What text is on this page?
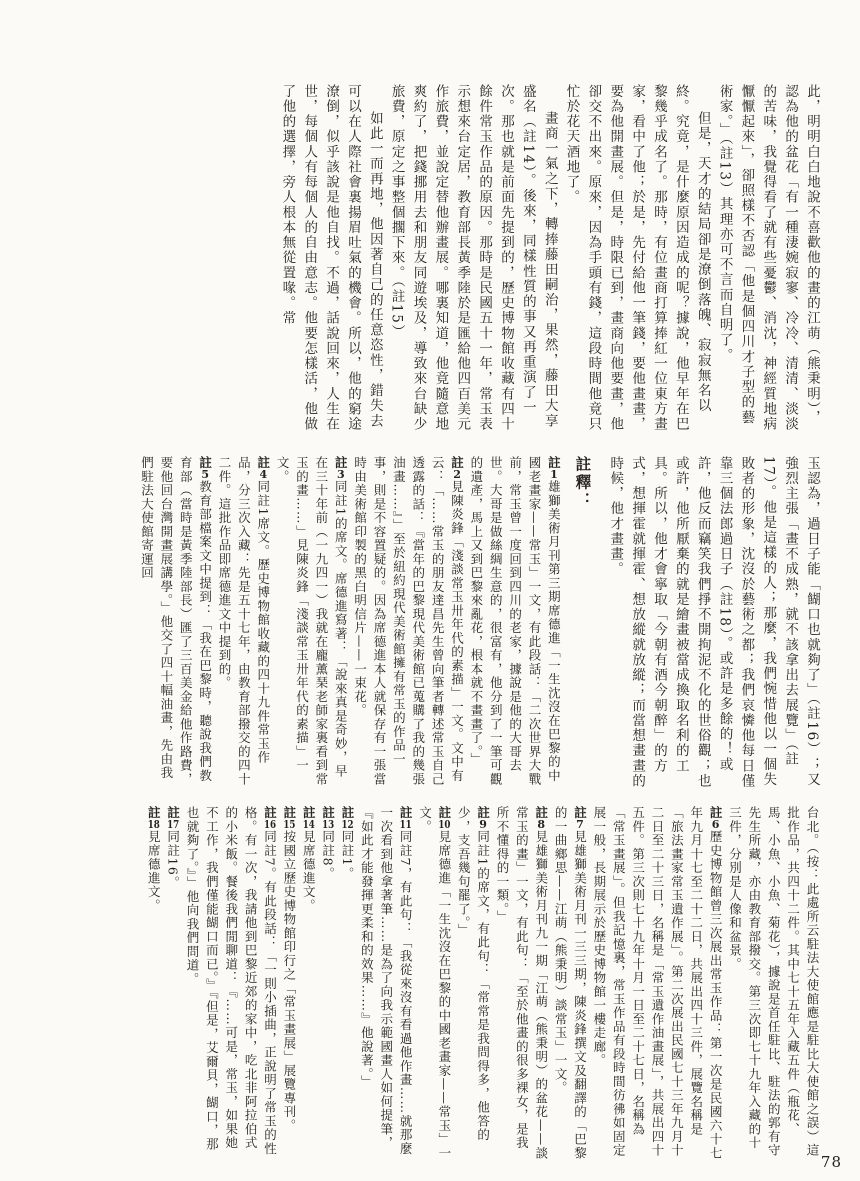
此，明明白白地說不喜歡他的畫的江萌（熊秉明），認為他的盆花「有一種淒婉寂寥、冷冷、清清、淡淡的苦味，我覺得看了就有些憂鬱、消沈，神經質地病懨懨起來」，卻照樣不否認「他是個四川才子型的藝術家。」（註13）其理亦可不言而自明了。

但是，天才的結局卻是潦倒落魄、寂寂無名以終。究竟，是什麼原因造成的呢？據說，他早年在巴黎幾乎成名了。那時，有位畫商打算捧紅一位東方畫家，看中了他；於是，先付給他一筆錢，要他畫畫，要為他開畫展。但是，時限已到，畫商向他要畫，他卻交不出來。原來，因為手頭有錢，這段時間他竟只忙於花天酒地了。

畫商一氣之下，轉捧藤田嗣治，果然，藤田大享盛名（註14）。後來，同樣性質的事又再重演了一次。那也就是前面先提到的，歷史博物館收藏有四十餘件常玉作品的原因。那時是民國五十一年，常玉表示想來台定居，教育部長黃季陸於是匯給他四百美元作旅費，並說定替他辦畫展。哪裏知道，他竟隨意地爽約了，把錢挪用去和朋友同遊埃及，導致來台缺少旅費，原定之事整個擱下來。（註15）

如此一而再地，他因著自己的任意恣性，錯失去可以在人際社會裏揚眉吐氣的機會。所以，他的窮途潦倒，似乎該說是他自找。不過，話說回來，人生在世，每個人有每個人的自由意志。他要怎樣活，他做了他的選擇，旁人根本無從置喙。常

玉認為，過日子能「餬口也就夠了」（註16）；又強烈主張「畫不成熟，就不該拿出去展覽」（註17）。他是這樣的人；那麼，我們惋惜他以一個失敗者的形象，沈沒於藝術之都；我們哀憐他每日僅靠三個法郎過日子（註18）。或許是多餘的！或許，他反而竊笑我們掙不開拘泥不化的世俗觀；也或許，他所厭棄的就是繪畫被當成換取名利的工具。所以，他才會寧取「今朝有酒今朝醉」的方式，想揮霍就揮霍、想放縱就放縱；而當想畫畫的時候，他才畫畫。

註釋：

註1雄獅美術月刊第三期席德進「一生沈沒在巴黎的中國老畫家——常玉」一文，有此段話：「二次世界大戰前，常玉曾一度回到四川的老家，據說是他的大哥去世。大哥是做絲綢生意的，很富有，他分到了一筆可觀的遺產，馬上又到巴黎來亂花，根本就不畫畫了。」

註2見陳炎鋒「淺談常玉卅年代的素描」一文。文中有云：「……常玉的朋友達昌先生曾向筆者轉述常玉自己透露的話：『當年的巴黎現代美術館已蒐購了我的幾張油畫……』」至於紐約現代美術館擁有常玉的作品一事，則是不容置疑的。因為席德進本人就保存有一張當時由美術館印製的黑白明信片——一束花。

註3同註1的席文。席德進寫著：「說來真是奇妙，早在三十年前（一九四一）我就在龐薰琹老師家裏看到常玉的畫……」見陳炎鋒「淺談常玉卅年代的素描」一文。

註4同註1席文。歷史博物館收藏的四十九件常玉作品，分三次入藏：先是五十七年，由教育部撥交的四十二件。這批作品即席德進文中提到的。

註5教育部檔案文中提到：「我在巴黎時，聽說我們教育部（當時是黃季陸部長）匯了三百美金給他作路費，要他回台灣開畫展講學。」他交了四十幅油畫，先由我們駐法大使館寄運回

台北。（按：此處所云駐法大使館應是駐比大使館之誤）這批作品，共四十二件。其中七十五年入藏五件（瓶花、馬、小魚、小魚、菊花），據說是首任駐比、駐法的郭有守先生所藏，亦由教育部撥交。第三次即七十九年入藏的十三件，分別是人像和盆景。

註6歷史博物館曾三次展出常玉作品：第一次是民國六十七年九月十七至二十二日，共展出四十三件，展覽名稱是「旅法畫家常玉遺作展」。第二次展出民國七十三年九月十二日至二十三日，名稱是「常玉遺作油畫展」，共展出四十五件。第三次則七十九年十月一日至二十七日，名稱為「常玉畫展」。但我記憶裏，常玉作品有段時間彷彿如固定展一般，長期展示於歷史博物館一樓走廊。

註7見雄獅美術月刊一三三期，陳炎鋒撰文及翻譯的「巴黎的一曲鄉思——江萌（熊秉明）談常玉」一文。

註8見雄獅美術月刊九一期「江萌（熊秉明）的盆花——談常玉的畫」一文，有此句：「至於他畫的很多裸女，是我所不懂得的一類。」

註9同註1的席文，有此句：「常常是我問得多，他答的少，支吾幾句罷了。」

註10見席德進「一生沈沒在巴黎的中國老畫家——常玉」一文。

註11同註7，有此句：「我從來沒有看過他作畫……就那麼一次看到他拿著筆……是為了向我示範國畫人如何提筆，『如此才能發揮更柔和的效果……』他說著。」

註12同註1。

註13同註8。

註14見席德進文。

註15按國立歷史博物館印行之「常玉畫展」展覽專刊。

註16同註7。有此段話：「一則小插曲，正說明了常玉的性格。有一次，我請他到巴黎近郊的家中，吃北非阿拉伯式的小米飯。餐後我們閒聊道：『……可是，常玉，如果她不工作，我們僅能餬口而已。』『但是，艾爾貝，餬口，那也就夠了。』」他向我們問道。

註17同註16。

註18見席德進文。

78
